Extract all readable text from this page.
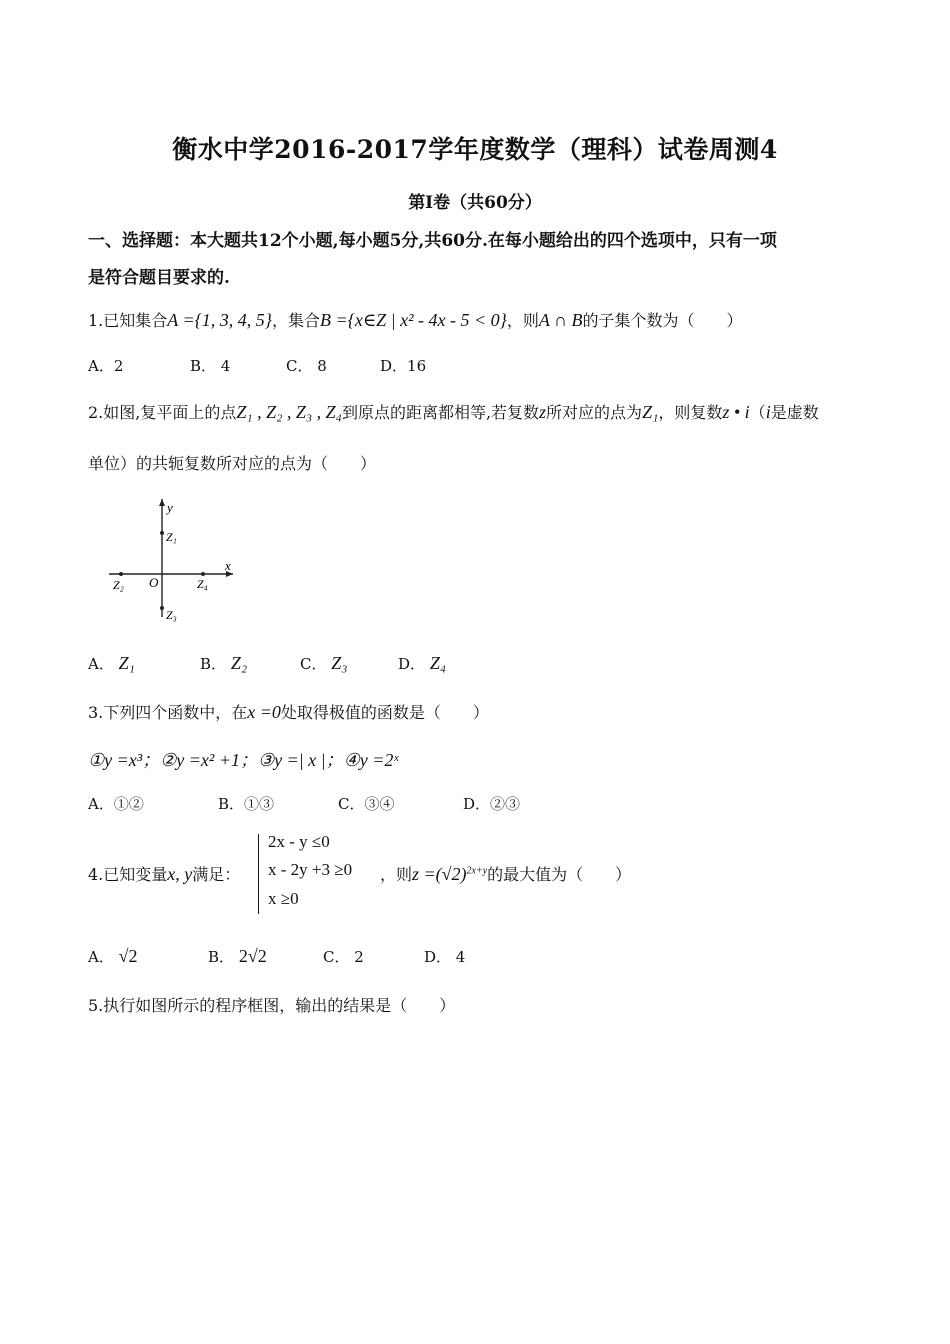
衡水中学2016-2017学年度数学（理科）试卷周测4
第Ⅰ卷（共60分）
一、选择题：本大题共12个小题,每小题5分,共60分.在每小题给出的四个选项中，只有一项
是符合题目要求的.
1.已知集合A ={1, 3, 4, 5}，集合B ={x∈Z | x² - 4x - 5 < 0}，则A ∩ B的子集个数为（　　）
A．2	B． 4	C． 8	D．16
2.如图,复平面上的点Z₁ , Z₂ , Z₃ , Z₄到原点的距离都相等,若复数z所对应的点为Z₁，则复数z • i（i是虚数
单位）的共轭复数所对应的点为（　　）
y
x
O
Z₁
Z₂
Z₃
Z₄
A． Z₁	B． Z₂	C． Z₃	D． Z₄
3.下列四个函数中，在x =0处取得极值的函数是（　　）
①y =x³；②y =x² +1；③y =| x |；④y =2ˣ
A．①②	B．①③	C．③④	D．②③
4.已知变量x, y满足：
2x - y ≤0
x - 2y +3 ≥0
x ≥0
，则$z =(√2)^{2x+y}$的最大值为（　　）
A． √2	B． 2√2	C． 2	D． 4
5.执行如图所示的程序框图，输出的结果是（　　）
